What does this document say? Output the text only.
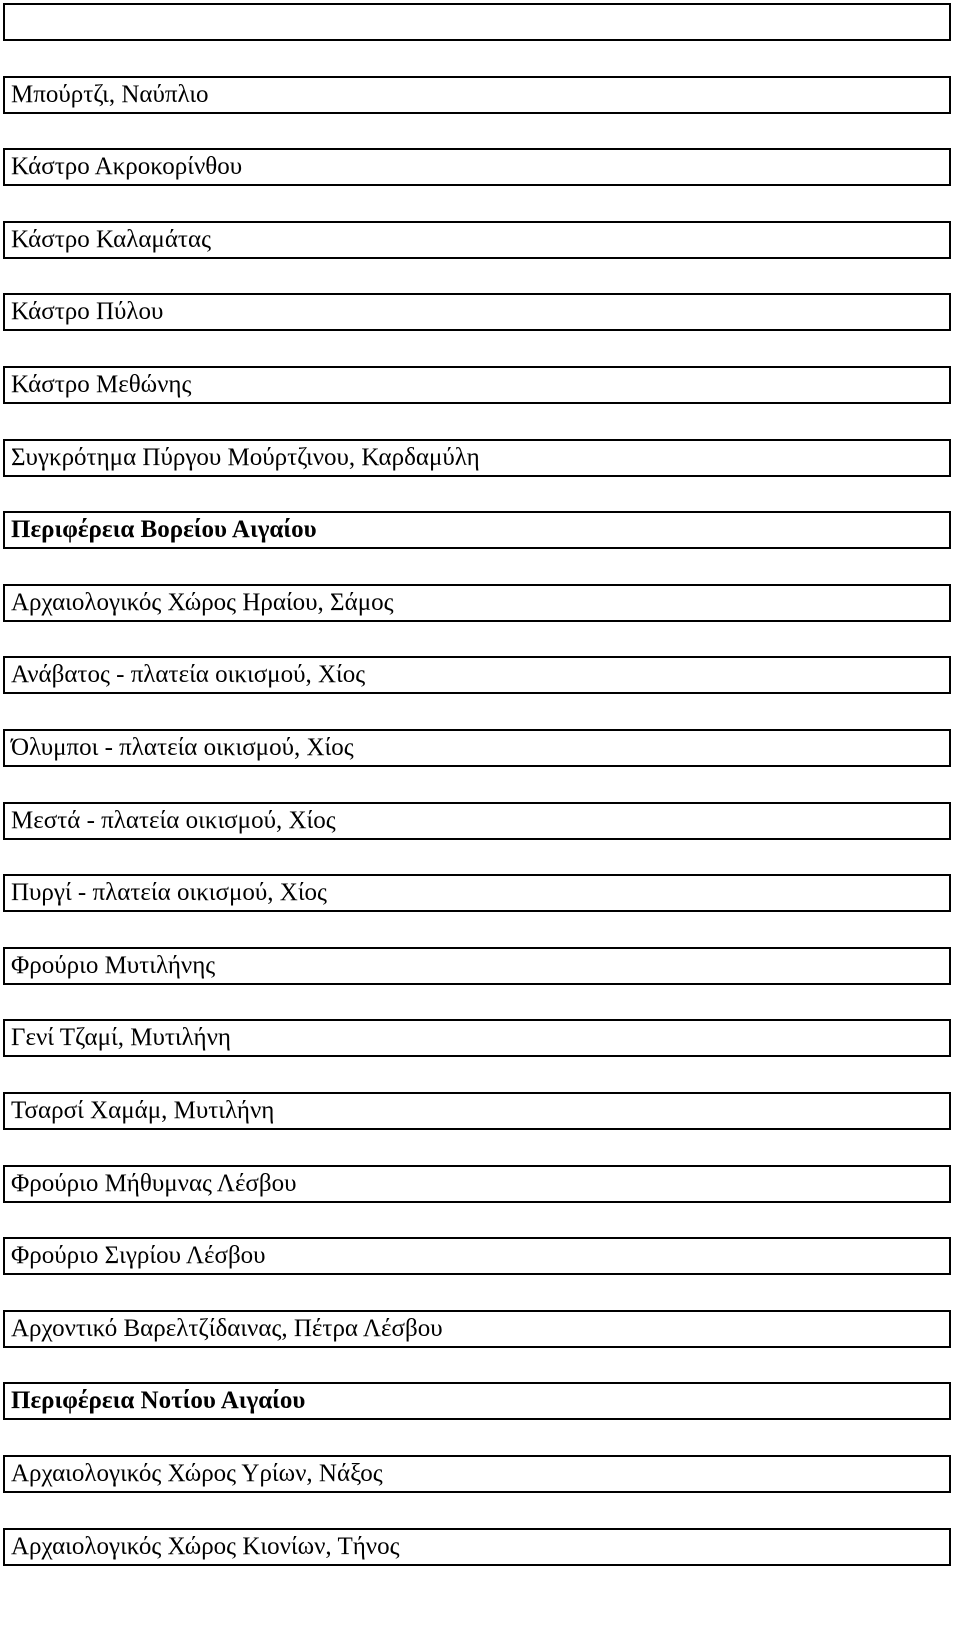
Μπούρτζι, Ναύπλιο
Κάστρο Ακροκορίνθου
Κάστρο Καλαμάτας
Κάστρο Πύλου
Κάστρο Μεθώνης
Συγκρότημα Πύργου Μούρτζινου, Καρδαμύλη
Περιφέρεια Βορείου Αιγαίου
Αρχαιολογικός Χώρος Ηραίου, Σάμος
Ανάβατος - πλατεία οικισμού, Χίος
Όλυμποι - πλατεία οικισμού, Χίος
Μεστά - πλατεία οικισμού, Χίος
Πυργί - πλατεία οικισμού, Χίος
Φρούριο Μυτιλήνης
Γενί Τζαμί, Μυτιλήνη
Τσαρσί Χαμάμ, Μυτιλήνη
Φρούριο Μήθυμνας Λέσβου
Φρούριο Σιγρίου Λέσβου
Αρχοντικό Βαρελτζίδαινας, Πέτρα Λέσβου
Περιφέρεια Νοτίου Αιγαίου
Αρχαιολογικός Χώρος Υρίων, Νάξος
Αρχαιολογικός Χώρος Κιονίων, Τήνος
